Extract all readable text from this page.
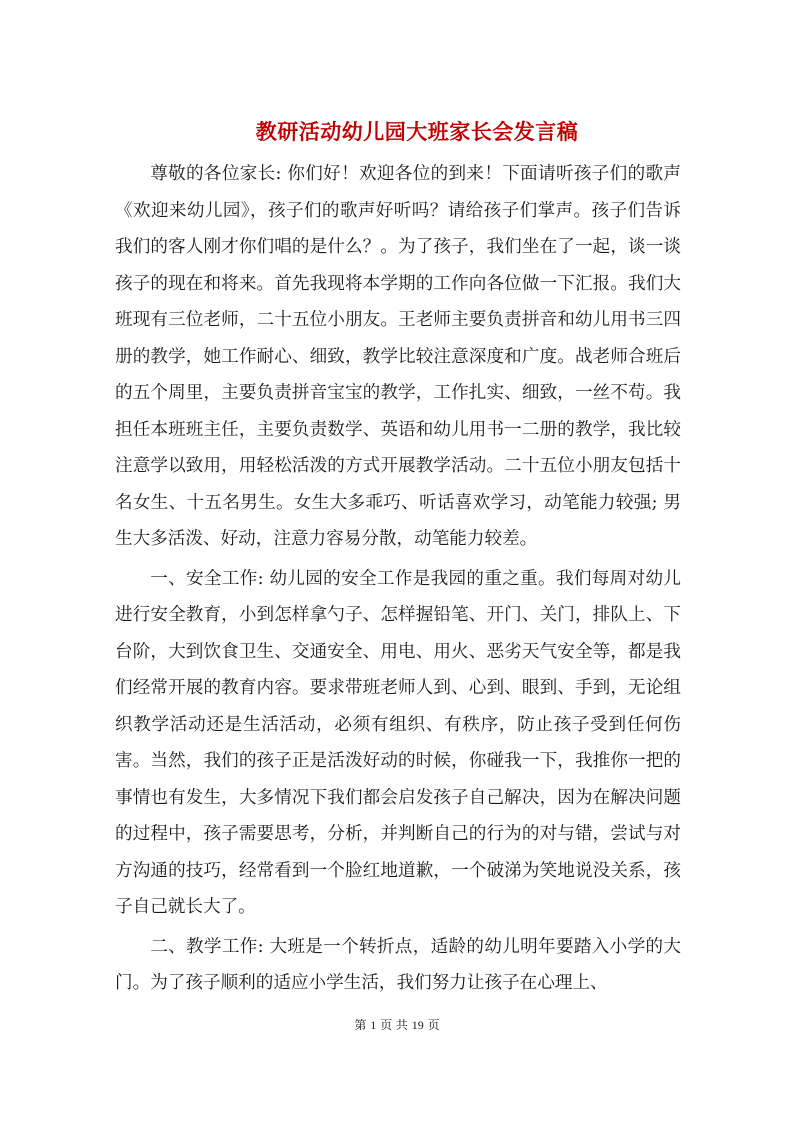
教研活动幼儿园大班家长会发言稿

尊敬的各位家长: 你们好！欢迎各位的到来！下面请听孩子们的歌声《欢迎来幼儿园》，孩子们的歌声好听吗？请给孩子们掌声。孩子们告诉我们的客人刚才你们唱的是什么？。为了孩子，我们坐在了一起，谈一谈孩子的现在和将来。首先我现将本学期的工作向各位做一下汇报。我们大班现有三位老师，二十五位小朋友。王老师主要负责拼音和幼儿用书三四册的教学，她工作耐心、细致，教学比较注意深度和广度。战老师合班后的五个周里，主要负责拼音宝宝的教学，工作扎实、细致，一丝不苟。我担任本班班主任，主要负责数学、英语和幼儿用书一二册的教学，我比较注意学以致用，用轻松活泼的方式开展教学活动。二十五位小朋友包括十名女生、十五名男生。女生大多乖巧、听话喜欢学习，动笔能力较强; 男生大多活泼、好动，注意力容易分散，动笔能力较差。

一、安全工作: 幼儿园的安全工作是我园的重之重。我们每周对幼儿进行安全教育，小到怎样拿勺子、怎样握铅笔、开门、关门，排队上、下台阶，大到饮食卫生、交通安全、用电、用火、恶劣天气安全等，都是我们经常开展的教育内容。要求带班老师人到、心到、眼到、手到，无论组织教学活动还是生活活动，必须有组织、有秩序，防止孩子受到任何伤害。当然，我们的孩子正是活泼好动的时候，你碰我一下，我推你一把的事情也有发生，大多情况下我们都会启发孩子自己解决，因为在解决问题的过程中，孩子需要思考，分析，并判断自己的行为的对与错，尝试与对方沟通的技巧，经常看到一个脸红地道歉，一个破涕为笑地说没关系，孩子自己就长大了。

二、教学工作: 大班是一个转折点，适龄的幼儿明年要踏入小学的大门。为了孩子顺利的适应小学生活，我们努力让孩子在心理上、

第 1 页 共 19 页
